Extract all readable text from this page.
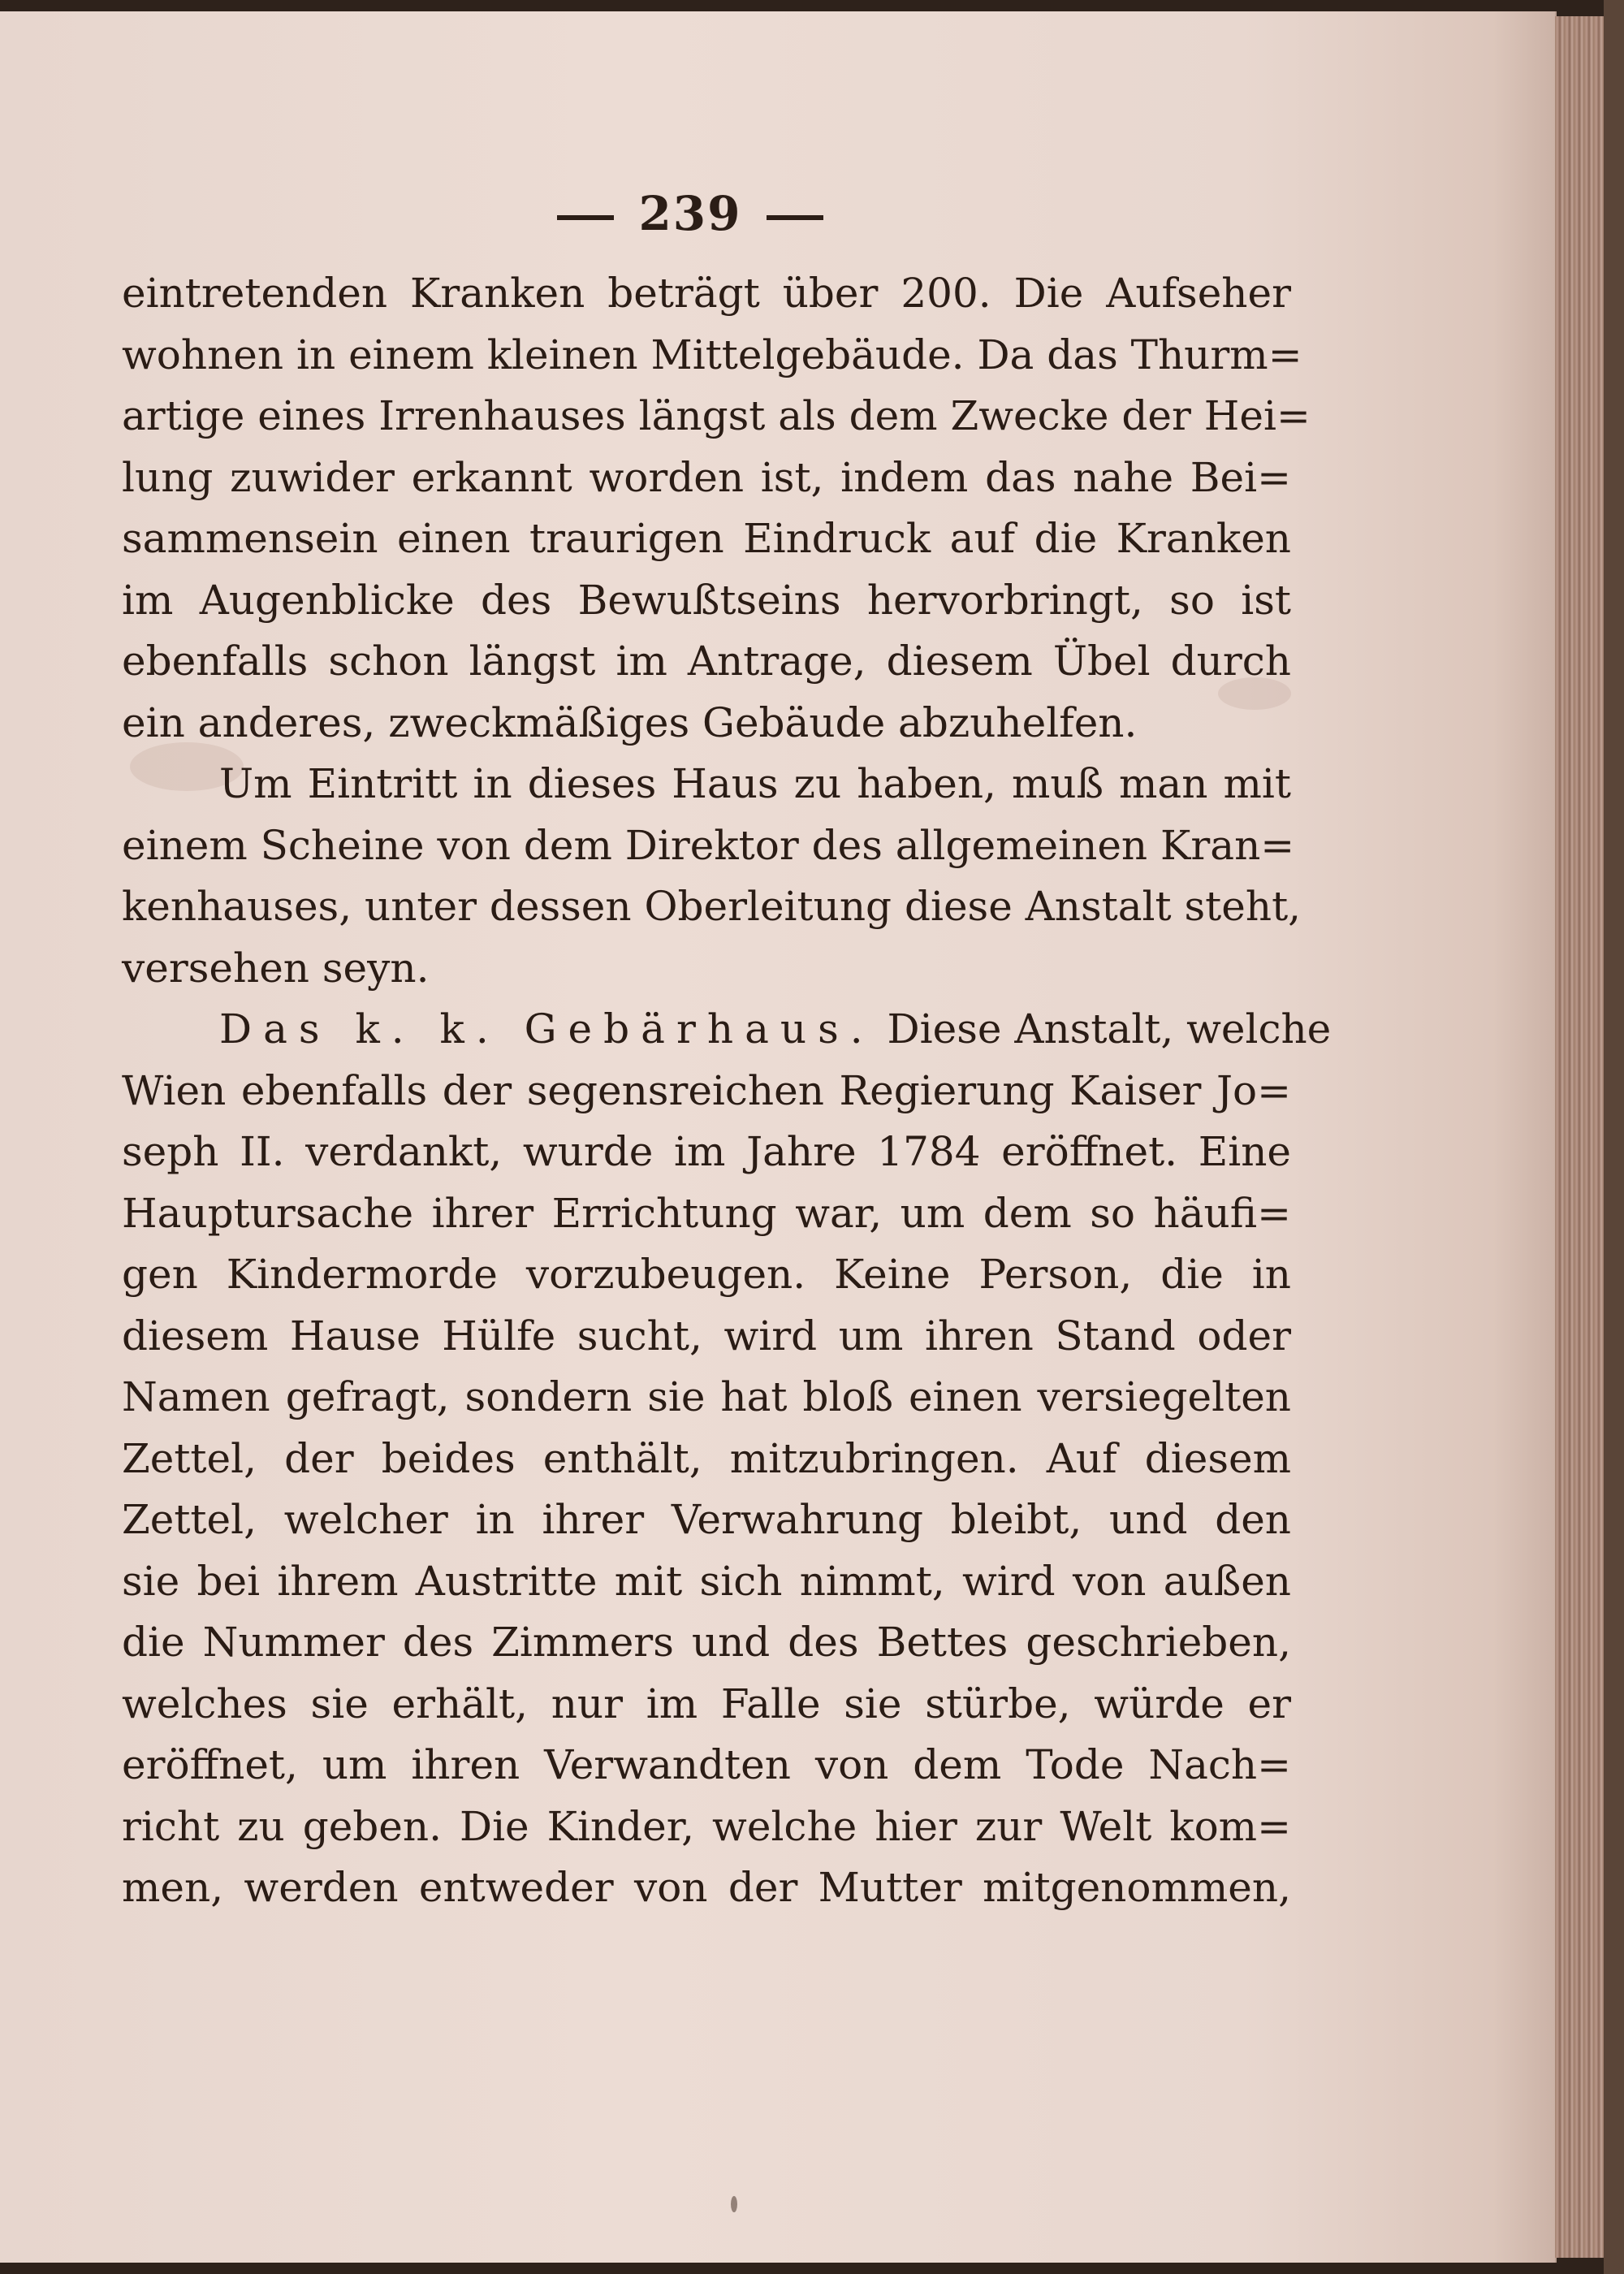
239
eintretenden Kranken beträgt über 200. Die Aufseher
wohnen in einem kleinen Mittelgebäude. Da das Thurm=
artige eines Irrenhauses längst als dem Zwecke der Hei=
lung zuwider erkannt worden ist, indem das nahe Bei=
sammensein einen traurigen Eindruck auf die Kranken
im Augenblicke des Bewußtseins hervorbringt, so ist
ebenfalls schon längst im Antrage, diesem Übel durch
ein anderes, zweckmäßiges Gebäude abzuhelfen.
Um Eintritt in dieses Haus zu haben, muß man mit
einem Scheine von dem Direktor des allgemeinen Kran=
kenhauses, unter dessen Oberleitung diese Anstalt steht,
versehen seyn.
Das k. k. Gebärhaus. Diese Anstalt, welche
Wien ebenfalls der segensreichen Regierung Kaiser Jo=
seph II. verdankt, wurde im Jahre 1784 eröffnet. Eine
Hauptursache ihrer Errichtung war, um dem so häufi=
gen Kindermorde vorzubeugen. Keine Person, die in
diesem Hause Hülfe sucht, wird um ihren Stand oder
Namen gefragt, sondern sie hat bloß einen versiegelten
Zettel, der beides enthält, mitzubringen. Auf diesem
Zettel, welcher in ihrer Verwahrung bleibt, und den
sie bei ihrem Austritte mit sich nimmt, wird von außen
die Nummer des Zimmers und des Bettes geschrieben,
welches sie erhält, nur im Falle sie stürbe, würde er
eröffnet, um ihren Verwandten von dem Tode Nach=
richt zu geben. Die Kinder, welche hier zur Welt kom=
men, werden entweder von der Mutter mitgenommen,
